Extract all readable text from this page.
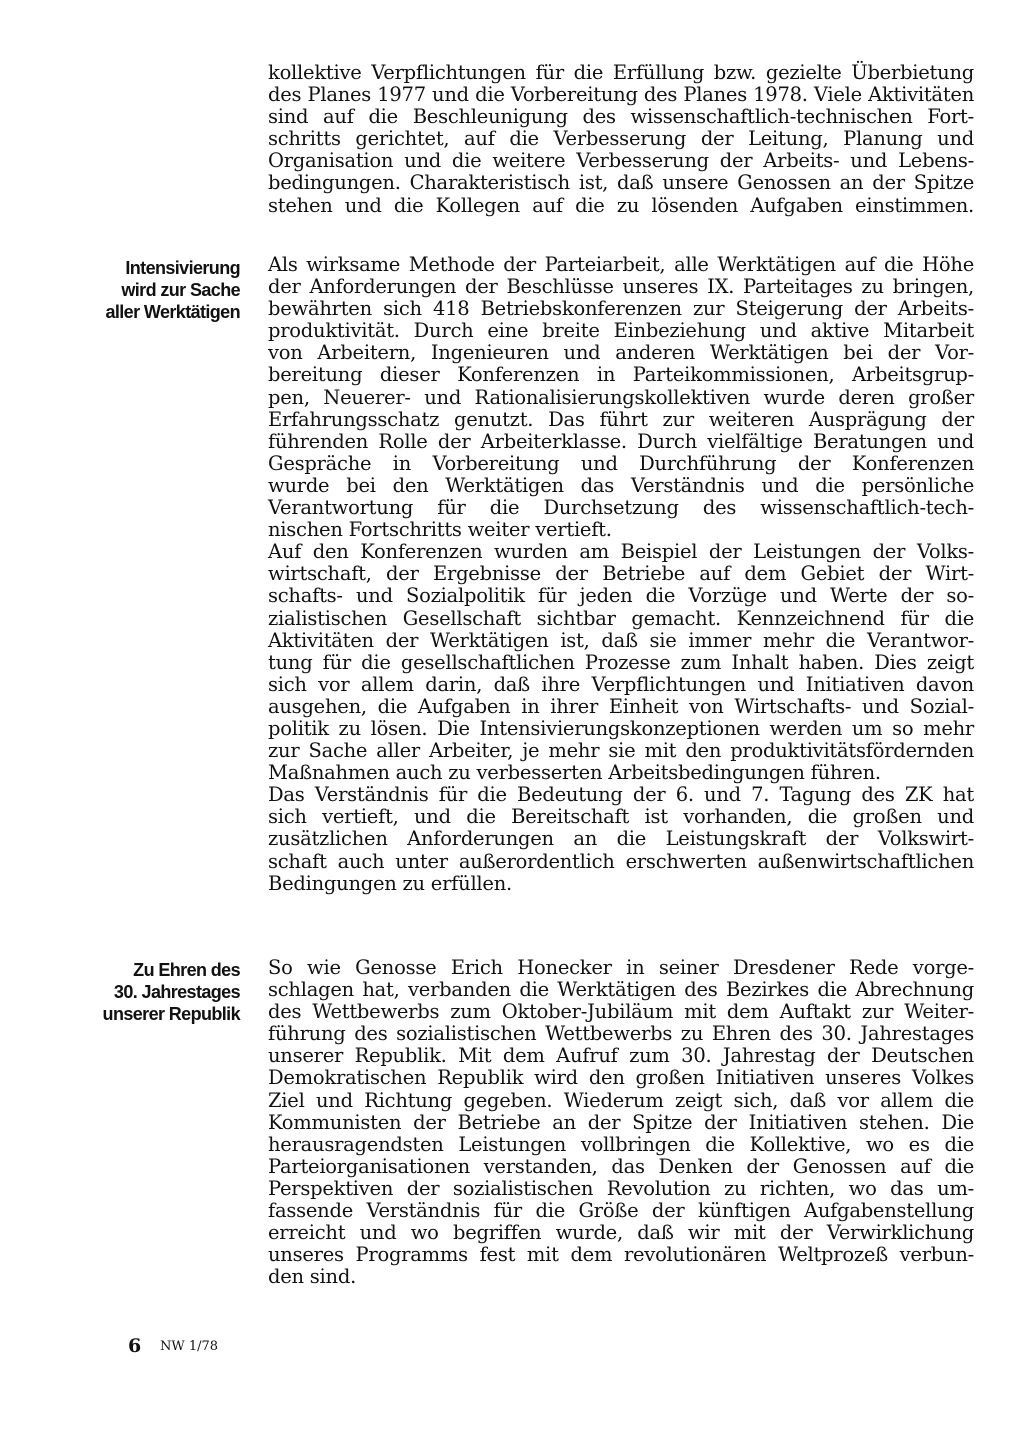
kollektive Verpflichtungen für die Erfüllung bzw. gezielte Überbietung
des Planes 1977 und die Vorbereitung des Planes 1978. Viele Aktivitäten
sind auf die Beschleunigung des wissenschaftlich-technischen Fort-
schritts gerichtet, auf die Verbesserung der Leitung, Planung und
Organisation und die weitere Verbesserung der Arbeits- und Lebens-
bedingungen. Charakteristisch ist, daß unsere Genossen an der Spitze
stehen und die Kollegen auf die zu lösenden Aufgaben einstimmen.
Intensivierung
wird zur Sache
aller Werktätigen
Als wirksame Methode der Parteiarbeit, alle Werktätigen auf die Höhe
der Anforderungen der Beschlüsse unseres IX. Parteitages zu bringen,
bewährten sich 418 Betriebskonferenzen zur Steigerung der Arbeits-
produktivität. Durch eine breite Einbeziehung und aktive Mitarbeit
von Arbeitern, Ingenieuren und anderen Werktätigen bei der Vor-
bereitung dieser Konferenzen in Parteikommissionen, Arbeitsgrup-
pen, Neuerer- und Rationalisierungskollektiven wurde deren großer
Erfahrungsschatz genutzt. Das führt zur weiteren Ausprägung der
führenden Rolle der Arbeiterklasse. Durch vielfältige Beratungen und
Gespräche in Vorbereitung und Durchführung der Konferenzen
wurde bei den Werktätigen das Verständnis und die persönliche
Verantwortung für die Durchsetzung des wissenschaftlich-tech-
nischen Fortschritts weiter vertieft.
Auf den Konferenzen wurden am Beispiel der Leistungen der Volks-
wirtschaft, der Ergebnisse der Betriebe auf dem Gebiet der Wirt-
schafts- und Sozialpolitik für jeden die Vorzüge und Werte der so-
zialistischen Gesellschaft sichtbar gemacht. Kennzeichnend für die
Aktivitäten der Werktätigen ist, daß sie immer mehr die Verantwor-
tung für die gesellschaftlichen Prozesse zum Inhalt haben. Dies zeigt
sich vor allem darin, daß ihre Verpflichtungen und Initiativen davon
ausgehen, die Aufgaben in ihrer Einheit von Wirtschafts- und Sozial-
politik zu lösen. Die Intensivierungskonzeptionen werden um so mehr
zur Sache aller Arbeiter, je mehr sie mit den produktivitätsfördernden
Maßnahmen auch zu verbesserten Arbeitsbedingungen führen.
Das Verständnis für die Bedeutung der 6. und 7. Tagung des ZK hat
sich vertieft, und die Bereitschaft ist vorhanden, die großen und
zusätzlichen Anforderungen an die Leistungskraft der Volkswirt-
schaft auch unter außerordentlich erschwerten außenwirtschaftlichen
Bedingungen zu erfüllen.
Zu Ehren des
30. Jahrestages
unserer Republik
So wie Genosse Erich Honecker in seiner Dresdener Rede vorge-
schlagen hat, verbanden die Werktätigen des Bezirkes die Abrechnung
des Wettbewerbs zum Oktober-Jubiläum mit dem Auftakt zur Weiter-
führung des sozialistischen Wettbewerbs zu Ehren des 30. Jahrestages
unserer Republik. Mit dem Aufruf zum 30. Jahrestag der Deutschen
Demokratischen Republik wird den großen Initiativen unseres Volkes
Ziel und Richtung gegeben. Wiederum zeigt sich, daß vor allem die
Kommunisten der Betriebe an der Spitze der Initiativen stehen. Die
herausragendsten Leistungen vollbringen die Kollektive, wo es die
Parteiorganisationen verstanden, das Denken der Genossen auf die
Perspektiven der sozialistischen Revolution zu richten, wo das um-
fassende Verständnis für die Größe der künftigen Aufgabenstellung
erreicht und wo begriffen wurde, daß wir mit der Verwirklichung
unseres Programms fest mit dem revolutionären Weltprozeß verbun-
den sind.
6 NW 1/78
